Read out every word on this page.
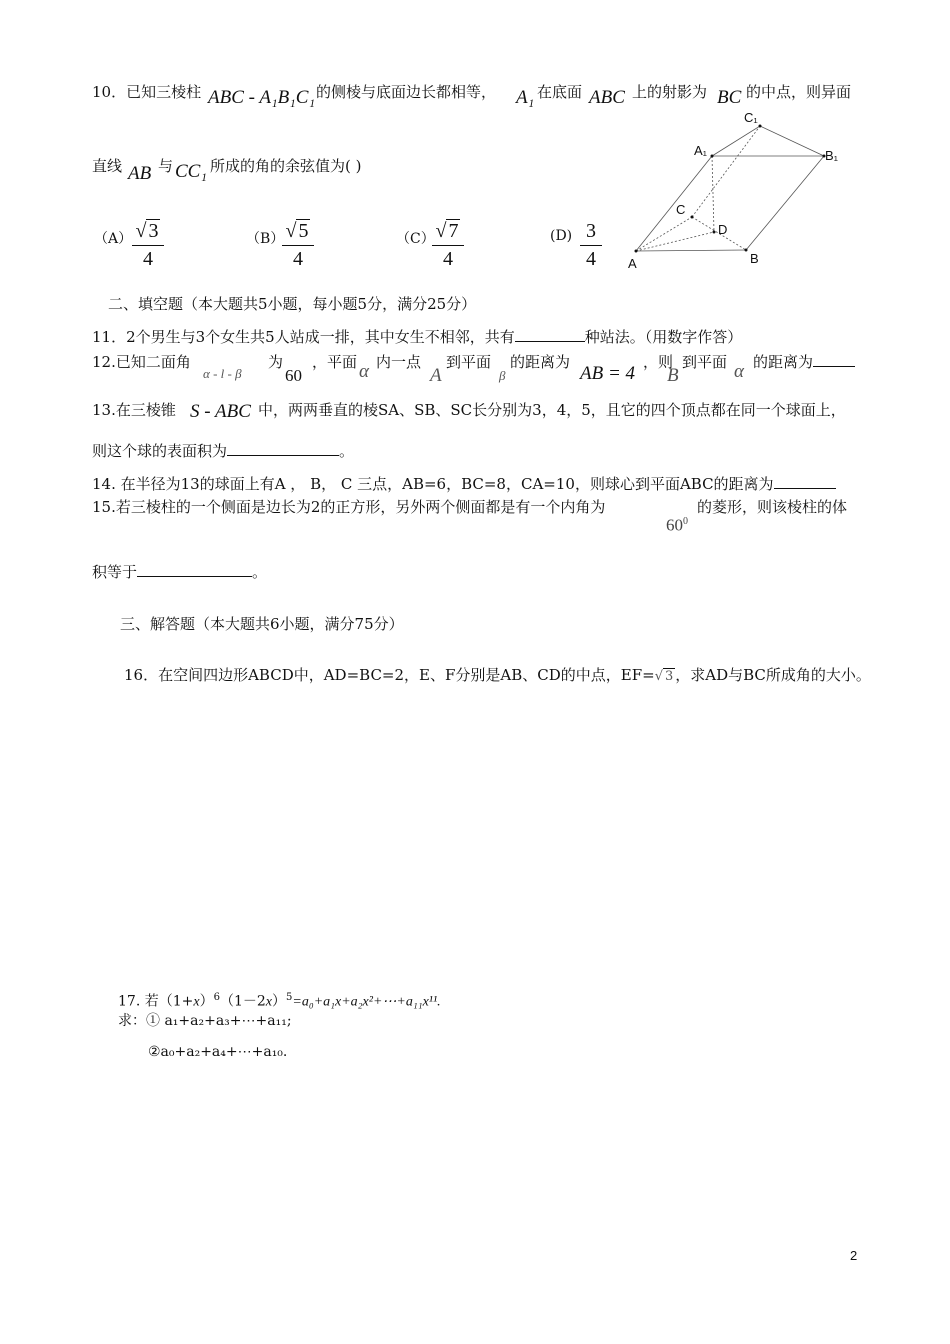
10．已知三棱柱 ABC - A₁B₁C₁ 的侧棱与底面边长都相等， A₁ 在底面 ABC 上的射影为 BC 的中点，则异面
直线 AB 与 CC₁ 所成的角的余弦值为( )
$(A) \frac{√ 3}{4}$	（B）
$\frac{√ 5}{4}$	（C）
$\frac{√ 7}{4}$	$(D) \frac{3}{4}$
C₁
A₁	B₁
C
D
A	B
二、填空题（本大题共5小题，每小题5分，满分25分）
11．2个男生与3个女生共5人站成一排，其中女生不相邻，共有	种站法。（用数字作答）
12.已知二面角
α - l - β
为
60
，平面 α 内一点
A
到平面
β
的距离为
AB = 4
，则
B
到平面 α 的距离为
13.在三棱锥 S - ABC 中，两两垂直的棱SA、SB、SC长分别为3，4，5，且它的四个顶点都在同一个球面上，
则这个球的表面积为	。
14. 在半径为13的球面上有A ， B， C 三点，AB=6，BC=8，CA=10，则球心到平面ABC的距离为
15.若三棱柱的一个侧面是边长为2的正方形，另外两个侧面都是有一个内角为
$60^0$
的菱形，则该棱柱的体
积等于	。
三、解答题（本大题共6小题，满分75分）
16．在空间四边形ABCD中，AD=BC=2，E、F分别是AB、CD的中点，EF=√ 3 ，求AD与BC所成角的大小。
17. 若$(1+x)^6(1-2x)^5=a_0+a_1x+a_2x^2+\cdots+a_{11}x^{11}$.
求：① a₁+a₂+a₃+⋯+a₁₁;
②a₀+a₂+a₄+⋯+a₁₀.
2
